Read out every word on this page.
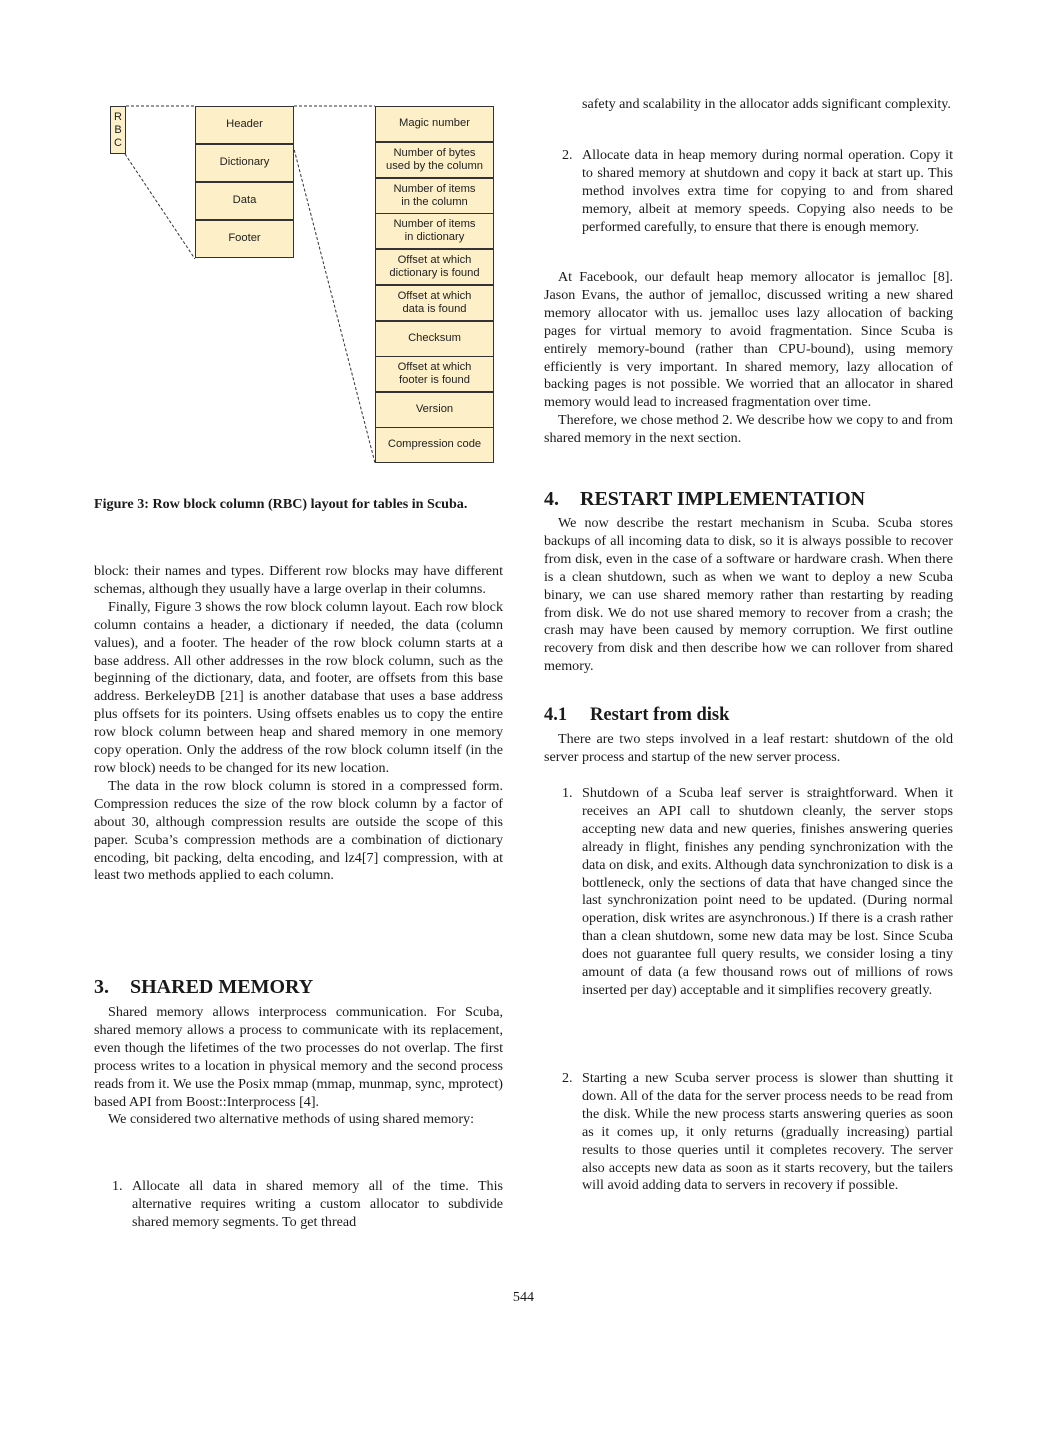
R
B
C
Header
Dictionary
Data
Footer
Magic number
Number of bytes
used by the column
Number of items
in the column
Number of items
in dictionary
Offset at which
dictionary is found
Offset at which
data is found
Checksum
Offset at which
footer is found
Version
Compression code

Figure 3: Row block column (RBC) layout for tables in Scuba.

block: their names and types. Different row blocks may have different schemas, although they usually have a large overlap in their columns.

Finally, Figure 3 shows the row block column layout. Each row block column contains a header, a dictionary if needed, the data (column values), and a footer. The header of the row block column starts at a base address. All other addresses in the row block column, such as the beginning of the dictionary, data, and footer, are offsets from this base address. BerkeleyDB [21] is another database that uses a base address plus offsets for its pointers. Using offsets enables us to copy the entire row block column between heap and shared memory in one memory copy operation. Only the address of the row block column itself (in the row block) needs to be changed for its new location.

The data in the row block column is stored in a compressed form. Compression reduces the size of the row block column by a factor of about 30, although compression results are outside the scope of this paper. Scuba’s compression methods are a combination of dictionary encoding, bit packing, delta encoding, and lz4[7] compression, with at least two methods applied to each column.

3. SHARED MEMORY

Shared memory allows interprocess communication. For Scuba, shared memory allows a process to communicate with its replacement, even though the lifetimes of the two processes do not overlap. The first process writes to a location in physical memory and the second process reads from it. We use the Posix mmap (mmap, munmap, sync, mprotect) based API from Boost::Interprocess [4].

We considered two alternative methods of using shared memory:

1. Allocate all data in shared memory all of the time. This alternative requires writing a custom allocator to subdivide shared memory segments. To get thread

safety and scalability in the allocator adds significant complexity.

2. Allocate data in heap memory during normal operation. Copy it to shared memory at shutdown and copy it back at start up. This method involves extra time for copying to and from shared memory, albeit at memory speeds. Copying also needs to be performed carefully, to ensure that there is enough memory.

At Facebook, our default heap memory allocator is jemalloc [8]. Jason Evans, the author of jemalloc, discussed writing a new shared memory allocator with us. jemalloc uses lazy allocation of backing pages for virtual memory to avoid fragmentation. Since Scuba is entirely memory-bound (rather than CPU-bound), using memory efficiently is very important. In shared memory, lazy allocation of backing pages is not possible. We worried that an allocator in shared memory would lead to increased fragmentation over time.

Therefore, we chose method 2. We describe how we copy to and from shared memory in the next section.

4. RESTART IMPLEMENTATION

We now describe the restart mechanism in Scuba. Scuba stores backups of all incoming data to disk, so it is always possible to recover from disk, even in the case of a software or hardware crash. When there is a clean shutdown, such as when we want to deploy a new Scuba binary, we can use shared memory rather than restarting by reading from disk. We do not use shared memory to recover from a crash; the crash may have been caused by memory corruption. We first outline recovery from disk and then describe how we can rollover from shared memory.

4.1 Restart from disk

There are two steps involved in a leaf restart: shutdown of the old server process and startup of the new server process.

1. Shutdown of a Scuba leaf server is straightforward. When it receives an API call to shutdown cleanly, the server stops accepting new data and new queries, finishes answering queries already in flight, finishes any pending synchronization with the data on disk, and exits. Although data synchronization to disk is a bottleneck, only the sections of data that have changed since the last synchronization point need to be updated. (During normal operation, disk writes are asynchronous.) If there is a crash rather than a clean shutdown, some new data may be lost. Since Scuba does not guarantee full query results, we consider losing a tiny amount of data (a few thousand rows out of millions of rows inserted per day) acceptable and it simplifies recovery greatly.

2. Starting a new Scuba server process is slower than shutting it down. All of the data for the server process needs to be read from the disk. While the new process starts answering queries as soon as it comes up, it only returns (gradually increasing) partial results to those queries until it completes recovery. The server also accepts new data as soon as it starts recovery, but the tailers will avoid adding data to servers in recovery if possible.

544
